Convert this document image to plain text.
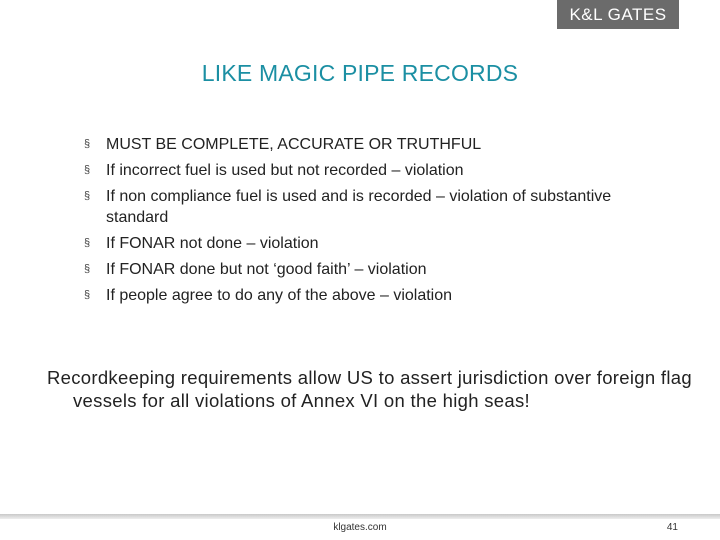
K&L GATES
LIKE MAGIC PIPE RECORDS
§ MUST BE COMPLETE, ACCURATE OR TRUTHFUL
§ If incorrect fuel is used but not recorded – violation
§ If non compliance fuel is used and is recorded – violation of substantive standard
§ If FONAR not done – violation
§ If FONAR done but not ‘good faith’ – violation
§ If people agree to do any of the above – violation
Recordkeeping requirements allow US to assert jurisdiction over foreign flag vessels for all violations of Annex VI on the high seas!
klgates.com	41
